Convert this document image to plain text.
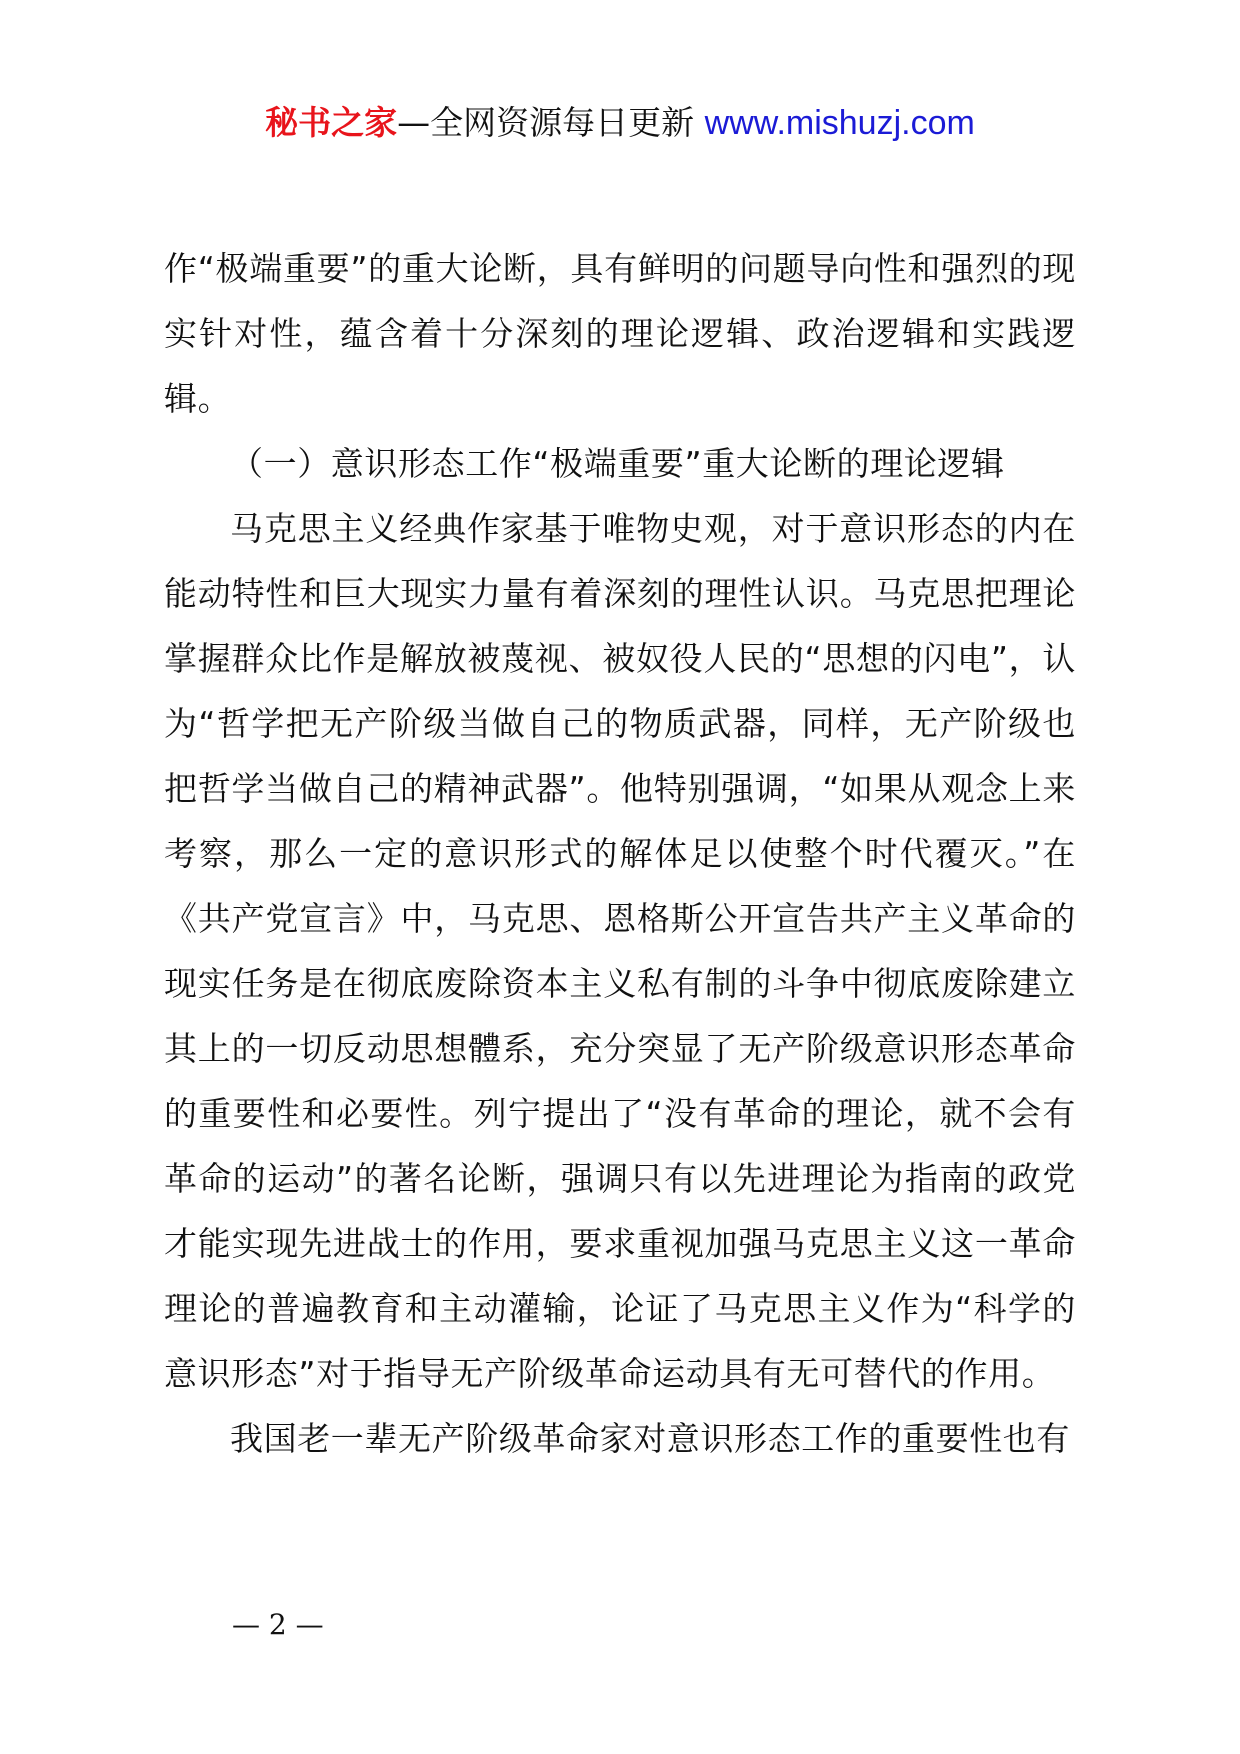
秘书之家—全网资源每日更新 www.mishuzj.com

作“极端重要”的重大论断，具有鲜明的问题导向性和强烈的现实针对性，蕴含着十分深刻的理论逻辑、政治逻辑和实践逻辑。

（一）意识形态工作“极端重要”重大论断的理论逻辑

马克思主义经典作家基于唯物史观，对于意识形态的内在能动特性和巨大现实力量有着深刻的理性认识。马克思把理论掌握群众比作是解放被蔑视、被奴役人民的“思想的闪电”，认为“哲学把无产阶级当做自己的物质武器，同样，无产阶级也把哲学当做自己的精神武器”。他特别强调，“如果从观念上来考察，那么一定的意识形式的解体足以使整个时代覆灭。”在《共产党宣言》中，马克思、恩格斯公开宣告共产主义革命的现实任务是在彻底废除资本主义私有制的斗争中彻底废除建立其上的一切反动思想體系，充分突显了无产阶级意识形态革命的重要性和必要性。列宁提出了“没有革命的理论，就不会有革命的运动”的著名论断，强调只有以先进理论为指南的政党才能实现先进战士的作用，要求重视加强马克思主义这一革命理论的普遍教育和主动灌输，论证了马克思主义作为“科学的意识形态”对于指导无产阶级革命运动具有无可替代的作用。

我国老一辈无产阶级革命家对意识形态工作的重要性也有

— 2 —
